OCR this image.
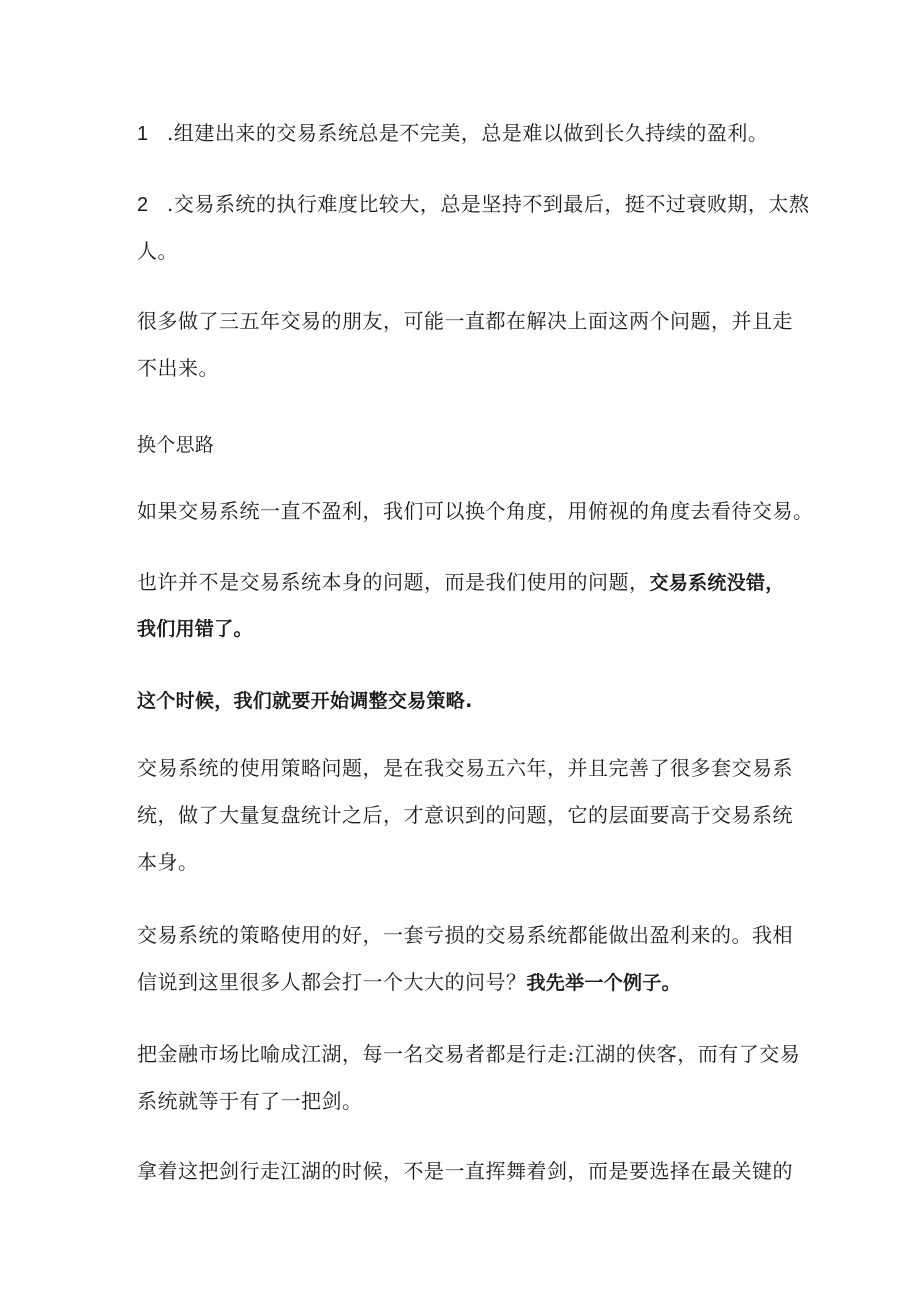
1 .组建出来的交易系统总是不完美，总是难以做到长久持续的盈利。
2 .交易系统的执行难度比较大，总是坚持不到最后，挺不过衰败期，太熬
人。
很多做了三五年交易的朋友，可能一直都在解决上面这两个问题，并且走
不出来。
换个思路
如果交易系统一直不盈利，我们可以换个角度，用俯视的角度去看待交易。
也许并不是交易系统本身的问题，而是我们使用的问题，交易系统没错，
我们用错了。
这个时候，我们就要开始调整交易策略.
交易系统的使用策略问题，是在我交易五六年，并且完善了很多套交易系
统，做了大量复盘统计之后，才意识到的问题，它的层面要高于交易系统
本身。
交易系统的策略使用的好，一套亏损的交易系统都能做出盈利来的。我相
信说到这里很多人都会打一个大大的问号？我先举一个例子。
把金融市场比喻成江湖，每一名交易者都是行走:江湖的侠客，而有了交易
系统就等于有了一把剑。
拿着这把剑行走江湖的时候，不是一直挥舞着剑，而是要选择在最关键的
